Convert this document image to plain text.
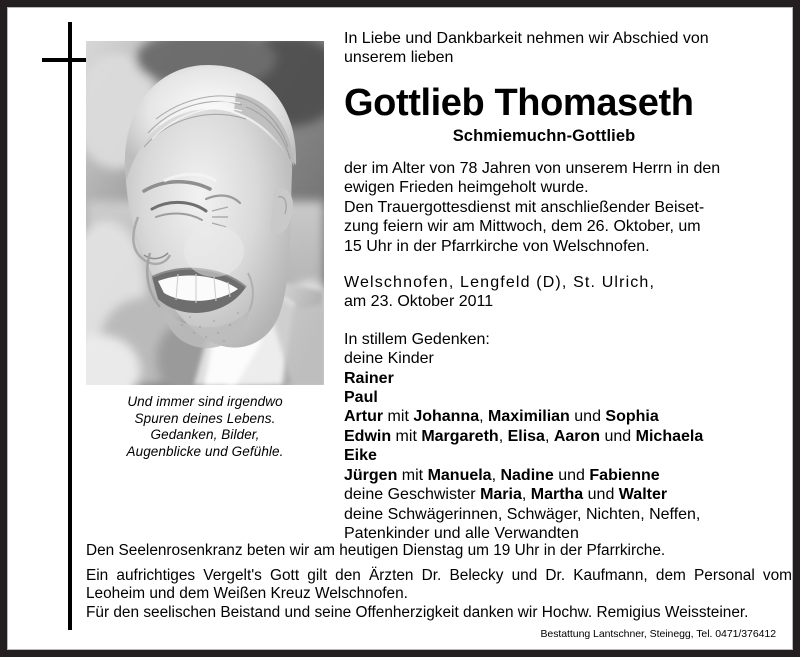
Und immer sind irgendwo
Spuren deines Lebens.
Gedanken, Bilder,
Augenblicke und Gefühle.
In Liebe und Dankbarkeit nehmen wir Abschied von
unserem lieben
Gottlieb Thomaseth
Schmiemuchn-Gottlieb
der im Alter von 78 Jahren von unserem Herrn in den
ewigen Frieden heimgeholt wurde.
Den Trauergottesdienst mit anschließender Beiset-
zung feiern wir am Mittwoch, dem 26. Oktober, um
15 Uhr in der Pfarrkirche von Welschnofen.
Welschnofen, Lengfeld (D), St. Ulrich,
am 23. Oktober 2011
In stillem Gedenken:
deine Kinder
Rainer
Paul
Artur mit Johanna, Maximilian und Sophia
Edwin mit Margareth, Elisa, Aaron und Michaela
Eike
Jürgen mit Manuela, Nadine und Fabienne
deine Geschwister Maria, Martha und Walter
deine Schwägerinnen, Schwäger, Nichten, Neffen,
Patenkinder und alle Verwandten

Den Seelenrosenkranz beten wir am heutigen Dienstag um 19 Uhr in der Pfarrkirche.

Ein aufrichtiges Vergelt's Gott gilt den Ärzten Dr. Belecky und Dr. Kaufmann, dem Personal vom Leoheim und dem Weißen Kreuz Welschnofen.

Für den seelischen Beistand und seine Offenherzigkeit danken wir Hochw. Remigius Weissteiner.

Bestattung Lantschner, Steinegg, Tel. 0471/376412
